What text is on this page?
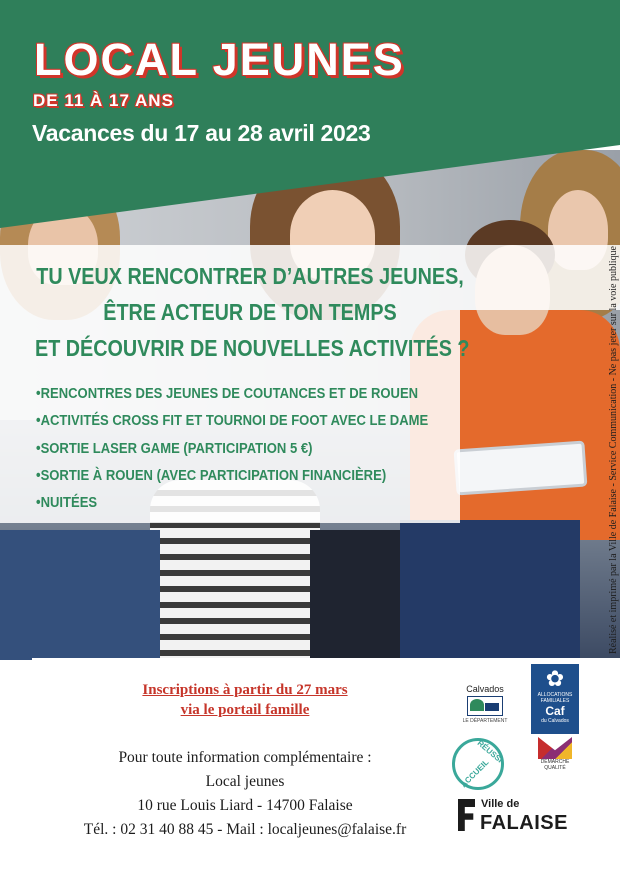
LOCAL JEUNES
DE 11 À 17 ANS
Vacances du 17 au 28 avril 2023
TU VEUX RENCONTRER D’AUTRES JEUNES,
ÊTRE ACTEUR DE TON TEMPS
ET DÉCOUVRIR DE NOUVELLES ACTIVITÉS ?
• RENCONTRES DES JEUNES DE COUTANCES ET DE ROUEN
• ACTIVITÉS CROSS FIT ET TOURNOI DE FOOT AVEC LE DAME
• SORTIE LASER GAME (PARTICIPATION 5 €)
• SORTIE À ROUEN (AVEC PARTICIPATION FINANCIÈRE)
• NUITÉES	Réalisé et imprimé par la Ville de Falaise - Service Communication - Ne pas jeter sur la voie publique
Inscriptions à partir du 27 mars
via le portail famille
Pour toute information complémentaire :
Local jeunes
10 rue Louis Liard - 14700 Falaise
Tél. : 02 31 40 88 45 - Mail : localjeunes@falaise.fr
Calvados
LE DÉPARTEMENT
✿
ALLOCATIONS FAMILIALES
Caf
du Calvados
RÉUSSI
ACCUEIL	DÉMARCHE QUALITÉ
Ville de
FALAISE
